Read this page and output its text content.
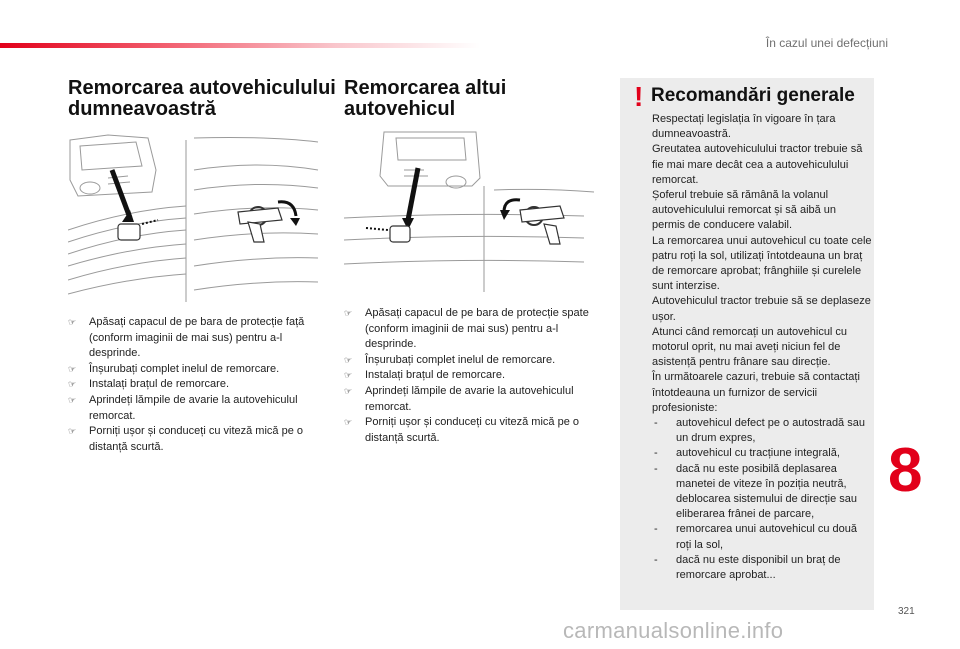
În cazul unei defecțiuni
Remorcarea autovehiculului
dumneavoastră
☞ Apăsați capacul de pe bara de protecție față (conform imaginii de mai sus) pentru a-l desprinde.
☞ Înșurubați complet inelul de remorcare.
☞ Instalați brațul de remorcare.
☞ Aprindeți lămpile de avarie la autovehiculul remorcat.
☞ Porniți ușor și conduceți cu viteză mică pe o distanță scurtă.
Remorcarea altui
autovehicul
☞ Apăsați capacul de pe bara de protecție spate (conform imaginii de mai sus) pentru a-l desprinde.
☞ Înșurubați complet inelul de remorcare.
☞ Instalați brațul de remorcare.
☞ Aprindeți lămpile de avarie la autovehiculul remorcat.
☞ Porniți ușor și conduceți cu viteză mică pe o distanță scurtă.
! Recomandări generale

Respectați legislația în vigoare în țara dumneavoastră.

Greutatea autovehiculului tractor trebuie să fie mai mare decât cea a autovehiculului remorcat.

Șoferul trebuie să rămână la volanul autovehiculului remorcat și să aibă un permis de conducere valabil.

La remorcarea unui autovehicul cu toate cele patru roți la sol, utilizați întotdeauna un braț de remorcare aprobat; frânghiile și curelele sunt interzise.

Autovehiculul tractor trebuie să se deplaseze ușor.

Atunci când remorcați un autovehicul cu motorul oprit, nu mai aveți niciun fel de asistență pentru frânare sau direcție.

În următoarele cazuri, trebuie să contactați întotdeauna un furnizor de servicii profesioniste:

- autovehicul defect pe o autostradă sau un drum expres,
- autovehicul cu tracțiune integrală,
- dacă nu este posibilă deplasarea manetei de viteze în poziția neutră, deblocarea sistemului de direcție sau eliberarea frânei de parcare,
- remorcarea unui autovehicul cu două roți la sol,
- dacă nu este disponibil un braț de remorcare aprobat...
8
321
carmanualsonline.info
